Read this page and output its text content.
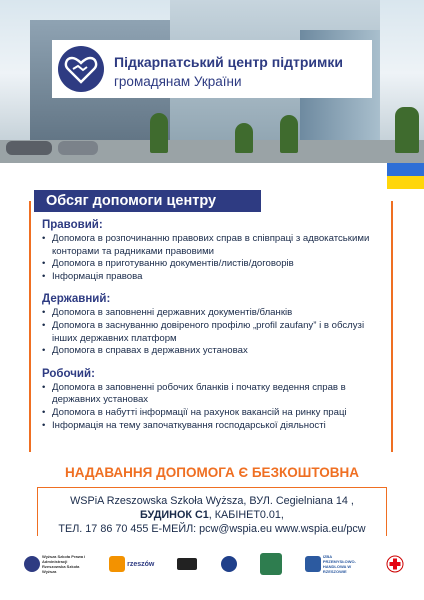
Підкарпатський центр підтримки
громадянам України
Обсяг допомоги центру
Правовий:
• Допомога в розпочинанню правових справ в співпраці з адвокатськими конторами та радниками правовими
• Допомога в приготуванню документів/листів/договорів
• Інформація правова
Державний:
• Допомога в заповненні державних документів/бланків
• Допомога в заснуванню довіреного профілю „profil zaufany” і в обслузі інших державних платформ
• Допомога в справах в державних установах
Робочий:
• Допомога в заповненні робочих бланків і початку ведення справ в державних установах
• Допомога в набутті інформації на рахунок вакансій на ринку праці
• Інформація на тему започаткування господарської діяльності
НАДАВАННЯ ДОПОМОГА Є БЕЗКОШТОВНА
WSPiA Rzeszowska Szkoła Wyższa, ВУЛ. Cegielniana 14 ,
БУДИНОК С1, КАБІНЕТ0.01,
ТЕЛ. 17 86 70 455 Е-МЕЙЛ: pcw@wspia.eu www.wspia.eu/pcw
Wyższa Szkoła Prawa i Administracji Rzeszowska Szkoła Wyższa
rzeszów
IZBA PRZEMYSŁOWO-HANDLOWA W RZESZOWIE
